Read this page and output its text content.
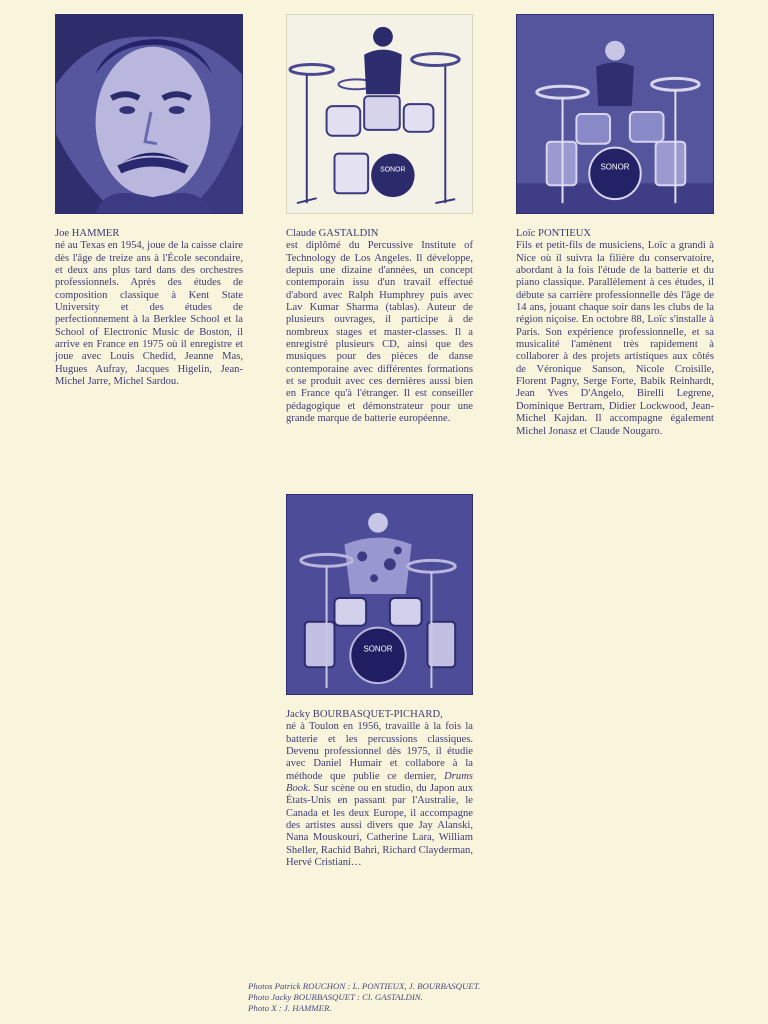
SONOR	SONOR
SONOR
Joe HAMMER
né au Texas en 1954, joue de la caisse claire dès l'âge de treize ans à l'École secondaire, et deux ans plus tard dans des orchestres professionnels. Après des études de composition classique à Kent State University et des études de perfectionnement à la Berklee School et la School of Electronic Music de Boston, il arrive en France en 1975 où il enregistre et joue avec Louis Chedid, Jeanne Mas, Hugues Aufray, Jacques Higelin, Jean-Michel Jarre, Michel Sardou.
Claude GASTALDIN
est diplômé du Percussive Institute of Technology de Los Angeles. Il développe, depuis une dizaine d'années, un concept contemporain issu d'un travail effectué d'abord avec Ralph Humphrey puis avec Lav Kumar Sharma (tablas). Auteur de plusieurs ouvrages, il participe à de nombreux stages et master-classes. Il a enregistré plusieurs CD, ainsi que des musiques pour des pièces de danse contemporaine avec différentes formations et se produit avec ces dernières aussi bien en France qu'à l'étranger. Il est conseiller pédagogique et démonstrateur pour une grande marque de batterie européenne.
Loïc PONTIEUX
Fils et petit-fils de musiciens, Loïc a grandi à Nice où il suivra la filière du conservatoire, abordant à la fois l'étude de la batterie et du piano classique. Parallèlement à ces études, il débute sa carrière professionnelle dès l'âge de 14 ans, jouant chaque soir dans les clubs de la région niçoise. En octobre 88, Loïc s'installe à Paris. Son expérience professionnelle, et sa musicalité l'amènent très rapidement à collaborer à des projets artistiques aux côtés de Véronique Sanson, Nicole Croisille, Florent Pagny, Serge Forte, Babik Reinhardt, Jean Yves D'Angelo, Birelli Legrene, Dominique Bertram, Didier Lockwood, Jean-Michel Kajdan. Il accompagne également Michel Jonasz et Claude Nougaro.
Jacky BOURBASQUET-PICHARD,
né à Toulon en 1956, travaille à la fois la batterie et les percussions classiques. Devenu professionnel dès 1975, il étudie avec Daniel Humair et collabore à la méthode que publie ce dernier, Drums Book. Sur scène ou en studio, du Japon aux États-Unis en passant par l'Australie, le Canada et les deux Europe, il accompagne des artistes aussi divers que Jay Alanski, Nana Mouskouri, Catherine Lara, William Sheller, Rachid Bahri, Richard Clayderman, Hervé Cristiani…
Photos Patrick ROUCHON : L. PONTIEUX, J. BOURBASQUET.
Photo Jacky BOURBASQUET : Cl. GASTALDIN.
Photo X : J. HAMMER.
